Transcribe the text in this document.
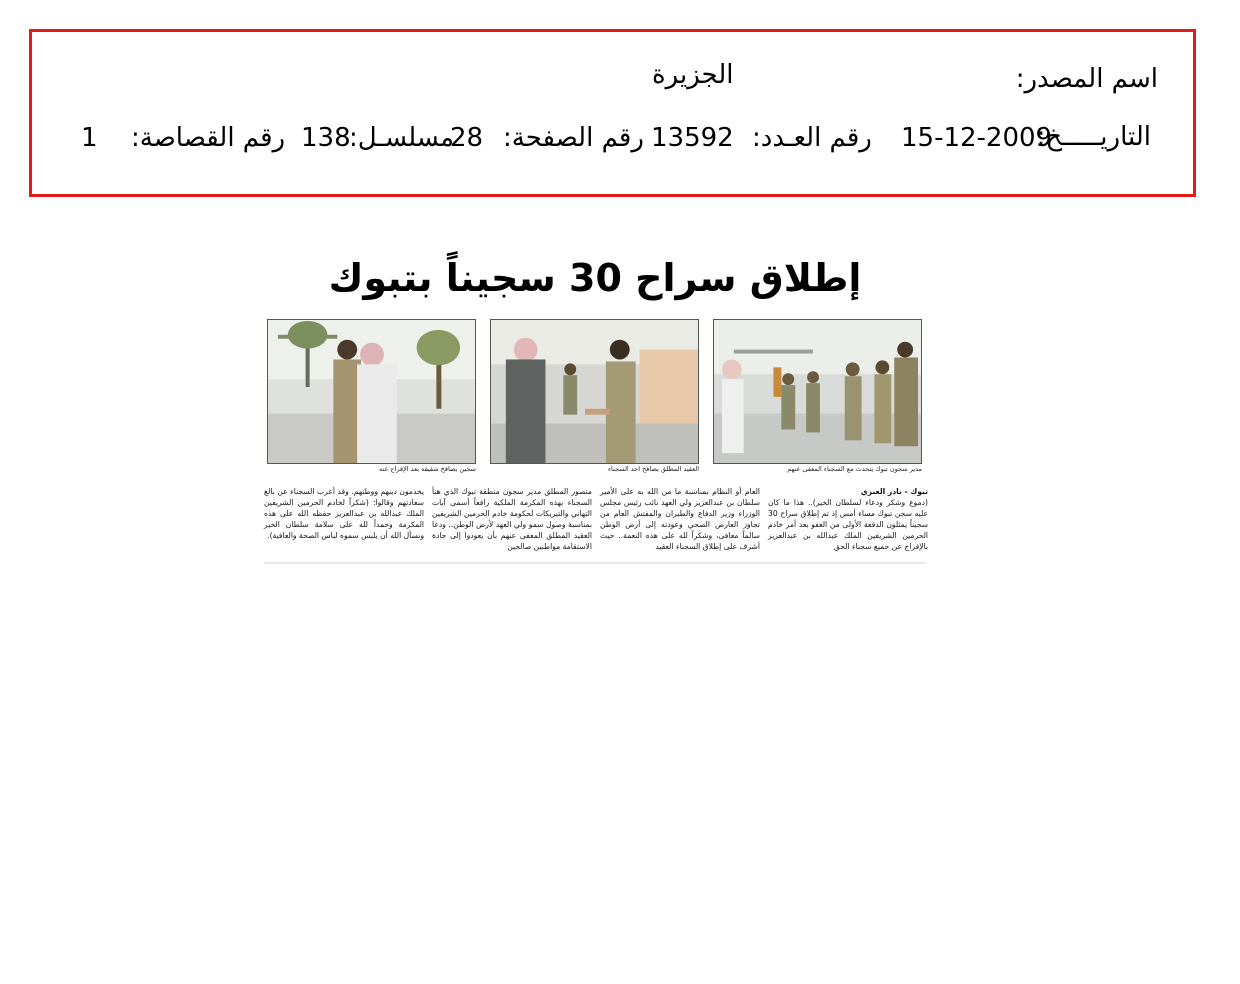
اسم المصدر:
الجزيرة
التاريـــــخ:
15-12-2009
رقم العـدد:
13592
رقم الصفحة:
28
مسلسـل:
138
رقم القصاصة:
1
إطلاق سراح 30 سجيناً بتبوك
مدير سجون تبوك يتحدث مع السجناء المعفى عنهم
العقيد المطلق يصافح أحد السجناء
سجين يصافح شقيقه بعد الإفراج عنه
تبوك - نادر العنزي
(دموع وشكر ودعاء لسلطان الخير).. هذا ما كان عليه سجن تبوك مساء أمس إذ تم إطلاق سراح 30 سجيناً يمثلون الدفعة الأولى من العفو بعد أمر خادم الحرمين الشريفين الملك عبدالله بن عبدالعزيز بالإفراج عن جميع سجناء الحق
العام أو النظام بمناسبة ما من الله به على الأمير سلطان بن عبدالعزيز ولي العهد نائب رئيس مجلس الوزراء وزير الدفاع والطيران والمفتش العام من تجاوز العارض الصحي وعودته إلى أرض الوطن سالماً معافى، وشكراً لله على هذه النعمة.. حيث أشرف على إطلاق السجناء العقيد
منصور المطلق مدير سجون منطقة تبوك الذي هنأ السجناء بهذه المكرمة الملكية رافعاً أسمى آيات التهاني والتبريكات لحكومة خادم الحرمين الشريفين بمناسبة وصول سمو ولي العهد لأرض الوطن.. ودعا العقيد المطلق المعفى عنهم بأن يعودوا إلى جادة الاستقامة مواطنين صالحين
يخدمون دينهم ووطنهم. وقد أعرب السجناء عن بالغ سعادتهم وقالوا: (شكراً لخادم الحرمين الشريفين الملك عبدالله بن عبدالعزيز حفظه الله على هذه المكرمة وحمداً لله على سلامة سلطان الخير ونسأل الله أن يلبس سموه لباس الصحة والعافية).
